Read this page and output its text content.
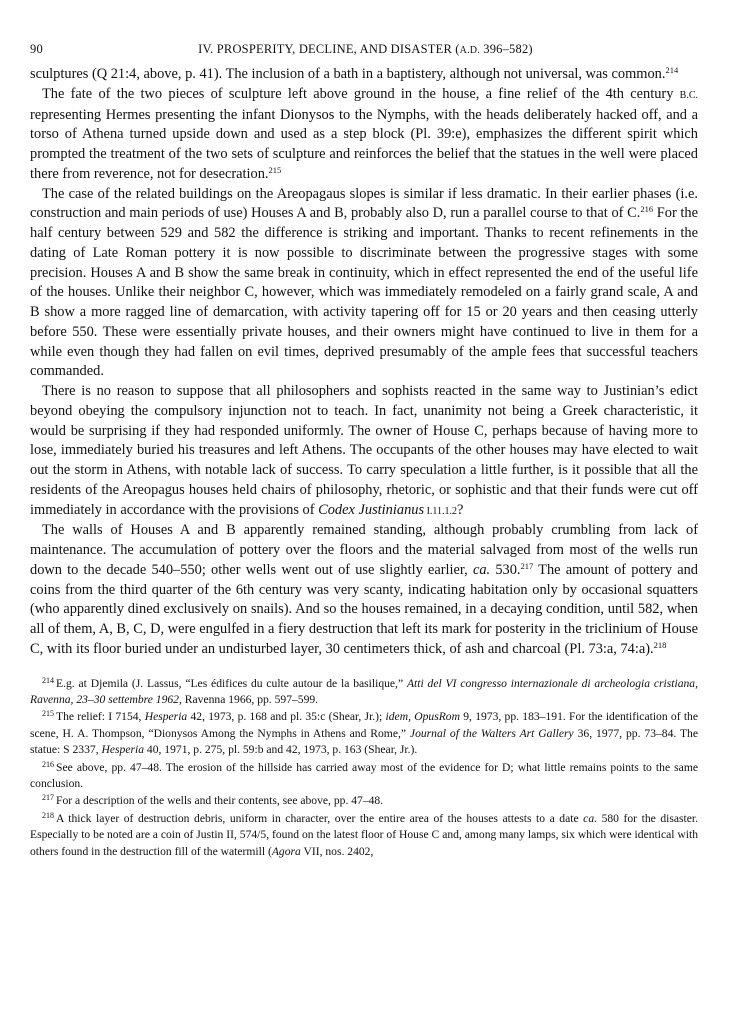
90	IV. PROSPERITY, DECLINE, AND DISASTER (A.D. 396–582)

sculptures (Q 21:4, above, p. 41). The inclusion of a bath in a baptistery, although not universal, was common.$^{214}$

The fate of the two pieces of sculpture left above ground in the house, a fine relief of the 4th century B.C. representing Hermes presenting the infant Dionysos to the Nymphs, with the heads deliberately hacked off, and a torso of Athena turned upside down and used as a step block (Pl. 39:e), emphasizes the different spirit which prompted the treatment of the two sets of sculpture and reinforces the belief that the statues in the well were placed there from reverence, not for desecration.$^{215}$

The case of the related buildings on the Areopagaus slopes is similar if less dramatic. In their earlier phases (i.e. construction and main periods of use) Houses A and B, probably also D, run a parallel course to that of C.$^{216}$ For the half century between 529 and 582 the difference is striking and important. Thanks to recent refinements in the dating of Late Roman pottery it is now possible to discriminate between the progressive stages with some precision. Houses A and B show the same break in continuity, which in effect represented the end of the useful life of the houses. Unlike their neighbor C, however, which was immediately remodeled on a fairly grand scale, A and B show a more ragged line of demarcation, with activity tapering off for 15 or 20 years and then ceasing utterly before 550. These were essentially private houses, and their owners might have continued to live in them for a while even though they had fallen on evil times, deprived presumably of the ample fees that successful teachers commanded.

There is no reason to suppose that all philosophers and sophists reacted in the same way to Justinian’s edict beyond obeying the compulsory injunction not to teach. In fact, unanimity not being a Greek characteristic, it would be surprising if they had responded uniformly. The owner of House C, perhaps because of having more to lose, immediately buried his treasures and left Athens. The occupants of the other houses may have elected to wait out the storm in Athens, with notable lack of success. To carry speculation a little further, is it possible that all the residents of the Areopagus houses held chairs of philosophy, rhetoric, or sophistic and that their funds were cut off immediately in accordance with the provisions of Codex Justinianus I.11.1.2?

The walls of Houses A and B apparently remained standing, although probably crumbling from lack of maintenance. The accumulation of pottery over the floors and the material salvaged from most of the wells run down to the decade 540–550; other wells went out of use slightly earlier, ca. 530.$^{217}$ The amount of pottery and coins from the third quarter of the 6th century was very scanty, indicating habitation only by occasional squatters (who apparently dined exclusively on snails). And so the houses remained, in a decaying condition, until 582, when all of them, A, B, C, D, were engulfed in a fiery destruction that left its mark for posterity in the triclinium of House C, with its floor buried under an undisturbed layer, 30 centimeters thick, of ash and charcoal (Pl. 73:a, 74:a).$^{218}$

$^{214}$ E.g. at Djemila (J. Lassus, “Les édifices du culte autour de la basilique,” Atti del VI congresso internazionale di archeologia cristiana, Ravenna, 23–30 settembre 1962, Ravenna 1966, pp. 597–599.

$^{215}$ The relief: I 7154, Hesperia 42, 1973, p. 168 and pl. 35:c (Shear, Jr.); idem, OpusRom 9, 1973, pp. 183–191. For the identification of the scene, H. A. Thompson, “Dionysos Among the Nymphs in Athens and Rome,” Journal of the Walters Art Gallery 36, 1977, pp. 73–84. The statue: S 2337, Hesperia 40, 1971, p. 275, pl. 59:b and 42, 1973, p. 163 (Shear, Jr.).

$^{216}$ See above, pp. 47–48. The erosion of the hillside has carried away most of the evidence for D; what little remains points to the same conclusion.

$^{217}$ For a description of the wells and their contents, see above, pp. 47–48.

$^{218}$ A thick layer of destruction debris, uniform in character, over the entire area of the houses attests to a date ca. 580 for the disaster. Especially to be noted are a coin of Justin II, 574/5, found on the latest floor of House C and, among many lamps, six which were identical with others found in the destruction fill of the watermill (Agora VII, nos. 2402,
